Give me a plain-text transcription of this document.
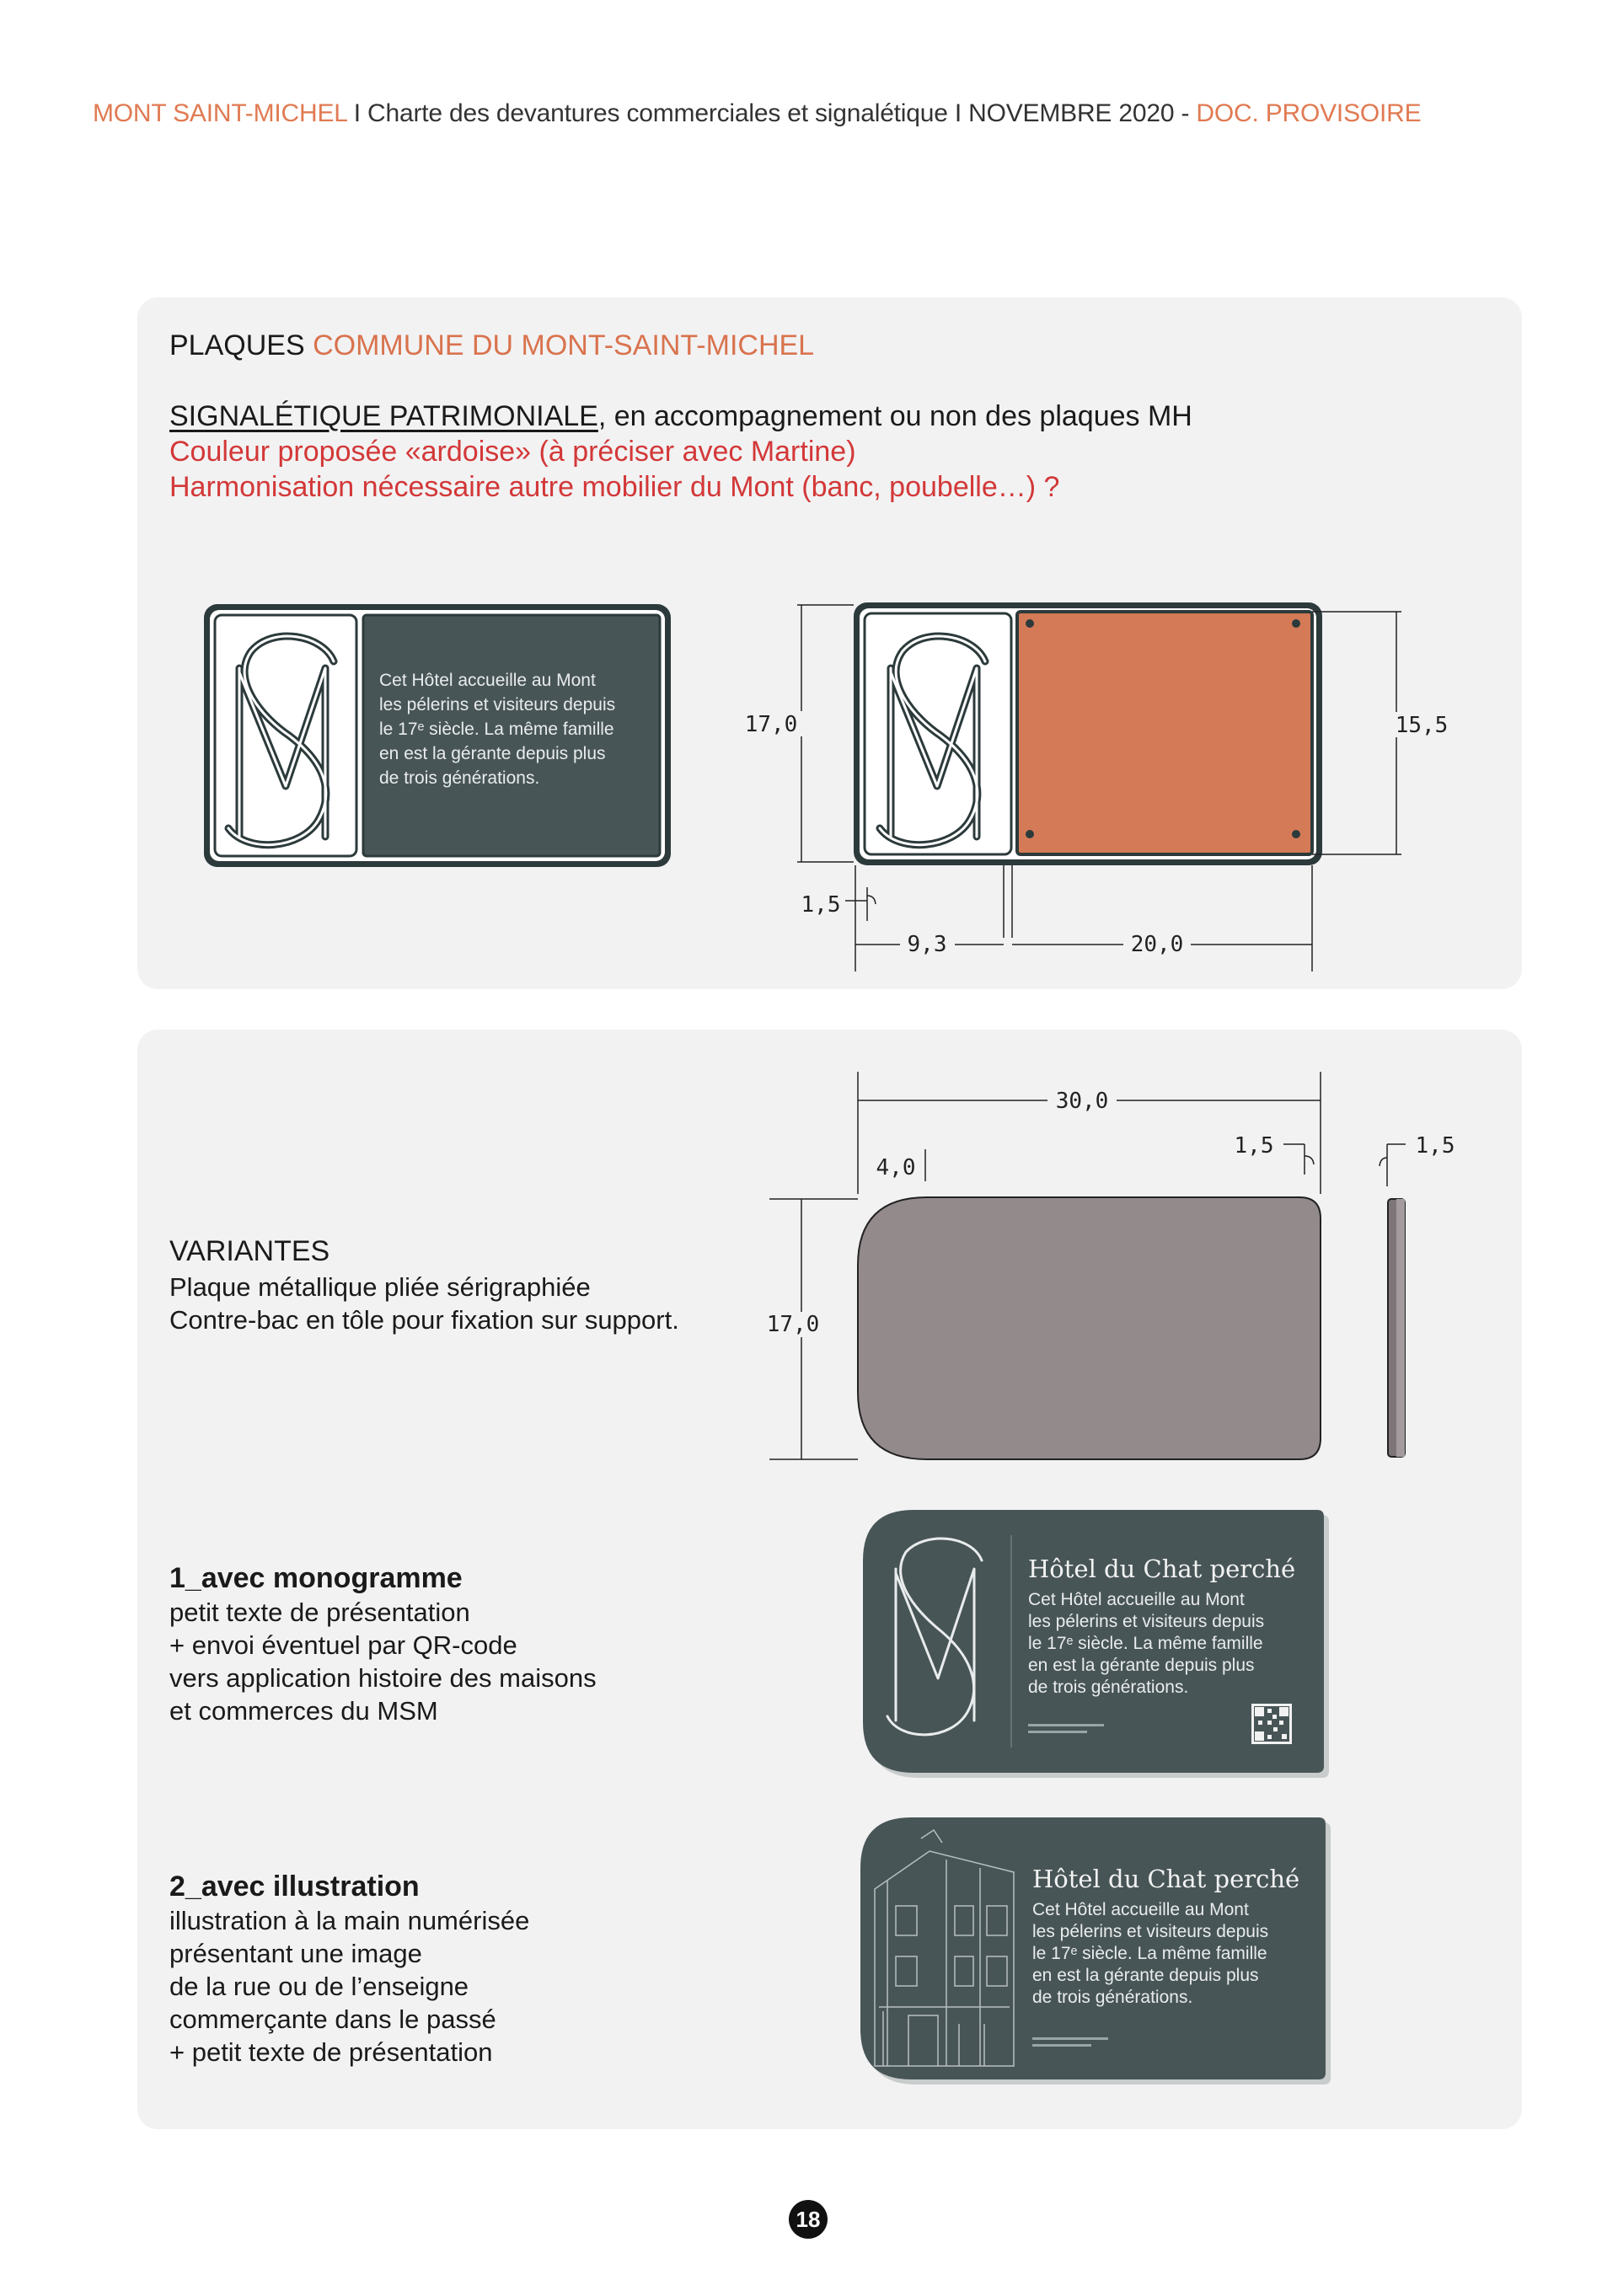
MONT SAINT-MICHEL I Charte des devantures commerciales et signalétique I NOVEMBRE 2020 - DOC. PROVISOIRE
PLAQUES COMMUNE DU MONT-SAINT-MICHEL
SIGNALÉTIQUE PATRIMONIALE, en accompagnement ou non des plaques MH
Couleur proposée «ardoise» (à préciser avec Martine)
Harmonisation nécessaire autre mobilier du Mont (banc, poubelle…) ?
Cet Hôtel accueille au Mont
les pélerins et visiteurs depuis
le 17ᵉ siècle. La même famille
en est la gérante depuis plus
de trois générations.
17,0	15,5
1,5
9,3	20,0
VARIANTES
Plaque métallique pliée sérigraphiée
Contre-bac en tôle pour fixation sur support.
1_avec monogramme
petit texte de présentation
+ envoi éventuel par QR-code
vers application histoire des maisons
et commerces du MSM
2_avec illustration
illustration à la main numérisée
présentant une image
de la rue ou de l’enseigne
commerçante dans le passé
+ petit texte de présentation
30,0
4,0
1,5	1,5
17,0
Hôtel du Chat perché
Cet Hôtel accueille au Mont
les pélerins et visiteurs depuis
le 17ᵉ siècle. La même famille
en est la gérante depuis plus
de trois générations.
Hôtel du Chat perché
Cet Hôtel accueille au Mont
les pélerins et visiteurs depuis
le 17ᵉ siècle. La même famille
en est la gérante depuis plus
de trois générations.
18
